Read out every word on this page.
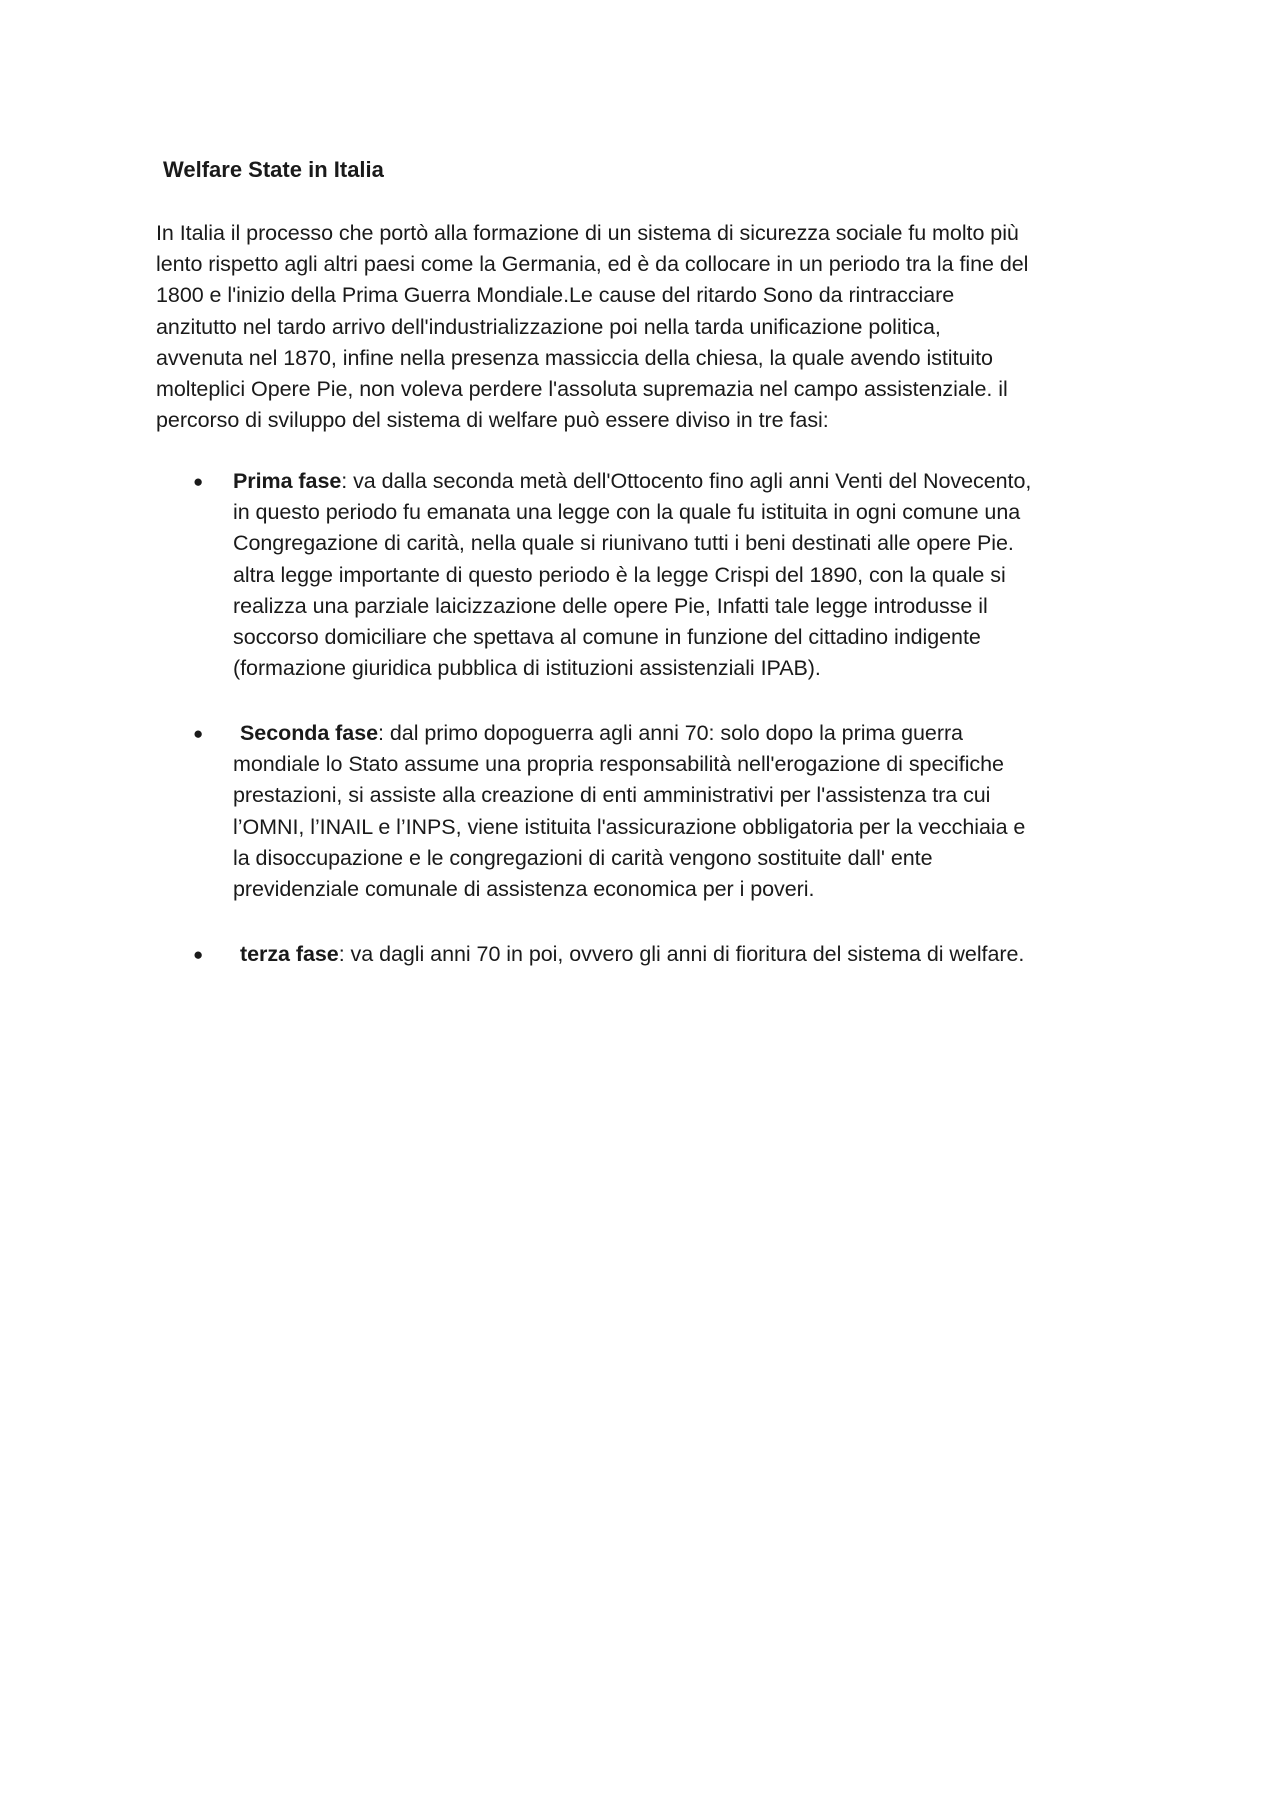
Welfare State in Italia

In Italia il processo che portò alla formazione di un sistema di sicurezza sociale fu molto più
lento rispetto agli altri paesi come la Germania, ed è da collocare in un periodo tra la fine del
1800 e l'inizio della Prima Guerra Mondiale.Le cause del ritardo Sono da rintracciare
anzitutto nel tardo arrivo dell'industrializzazione poi nella tarda unificazione politica,
avvenuta nel 1870, infine nella presenza massiccia della chiesa, la quale avendo istituito
molteplici Opere Pie, non voleva perdere l'assoluta supremazia nel campo assistenziale. il
percorso di sviluppo del sistema di welfare può essere diviso in tre fasi:

● Prima fase: va dalla seconda metà dell'Ottocento fino agli anni Venti del Novecento,
in questo periodo fu emanata una legge con la quale fu istituita in ogni comune una
Congregazione di carità, nella quale si riunivano tutti i beni destinati alle opere Pie.
altra legge importante di questo periodo è la legge Crispi del 1890, con la quale si
realizza una parziale laicizzazione delle opere Pie, Infatti tale legge introdusse il
soccorso domiciliare che spettava al comune in funzione del cittadino indigente
(formazione giuridica pubblica di istituzioni assistenziali IPAB).

●	Seconda fase: dal primo dopoguerra agli anni 70: solo dopo la prima guerra
mondiale lo Stato assume una propria responsabilità nell'erogazione di specifiche
prestazioni, si assiste alla creazione di enti amministrativi per l'assistenza tra cui
l’OMNI, l’INAIL e l’INPS, viene istituita l'assicurazione obbligatoria per la vecchiaia e
la disoccupazione e le congregazioni di carità vengono sostituite dall' ente
previdenziale comunale di assistenza economica per i poveri.

●	terza fase: va dagli anni 70 in poi, ovvero gli anni di fioritura del sistema di welfare.
